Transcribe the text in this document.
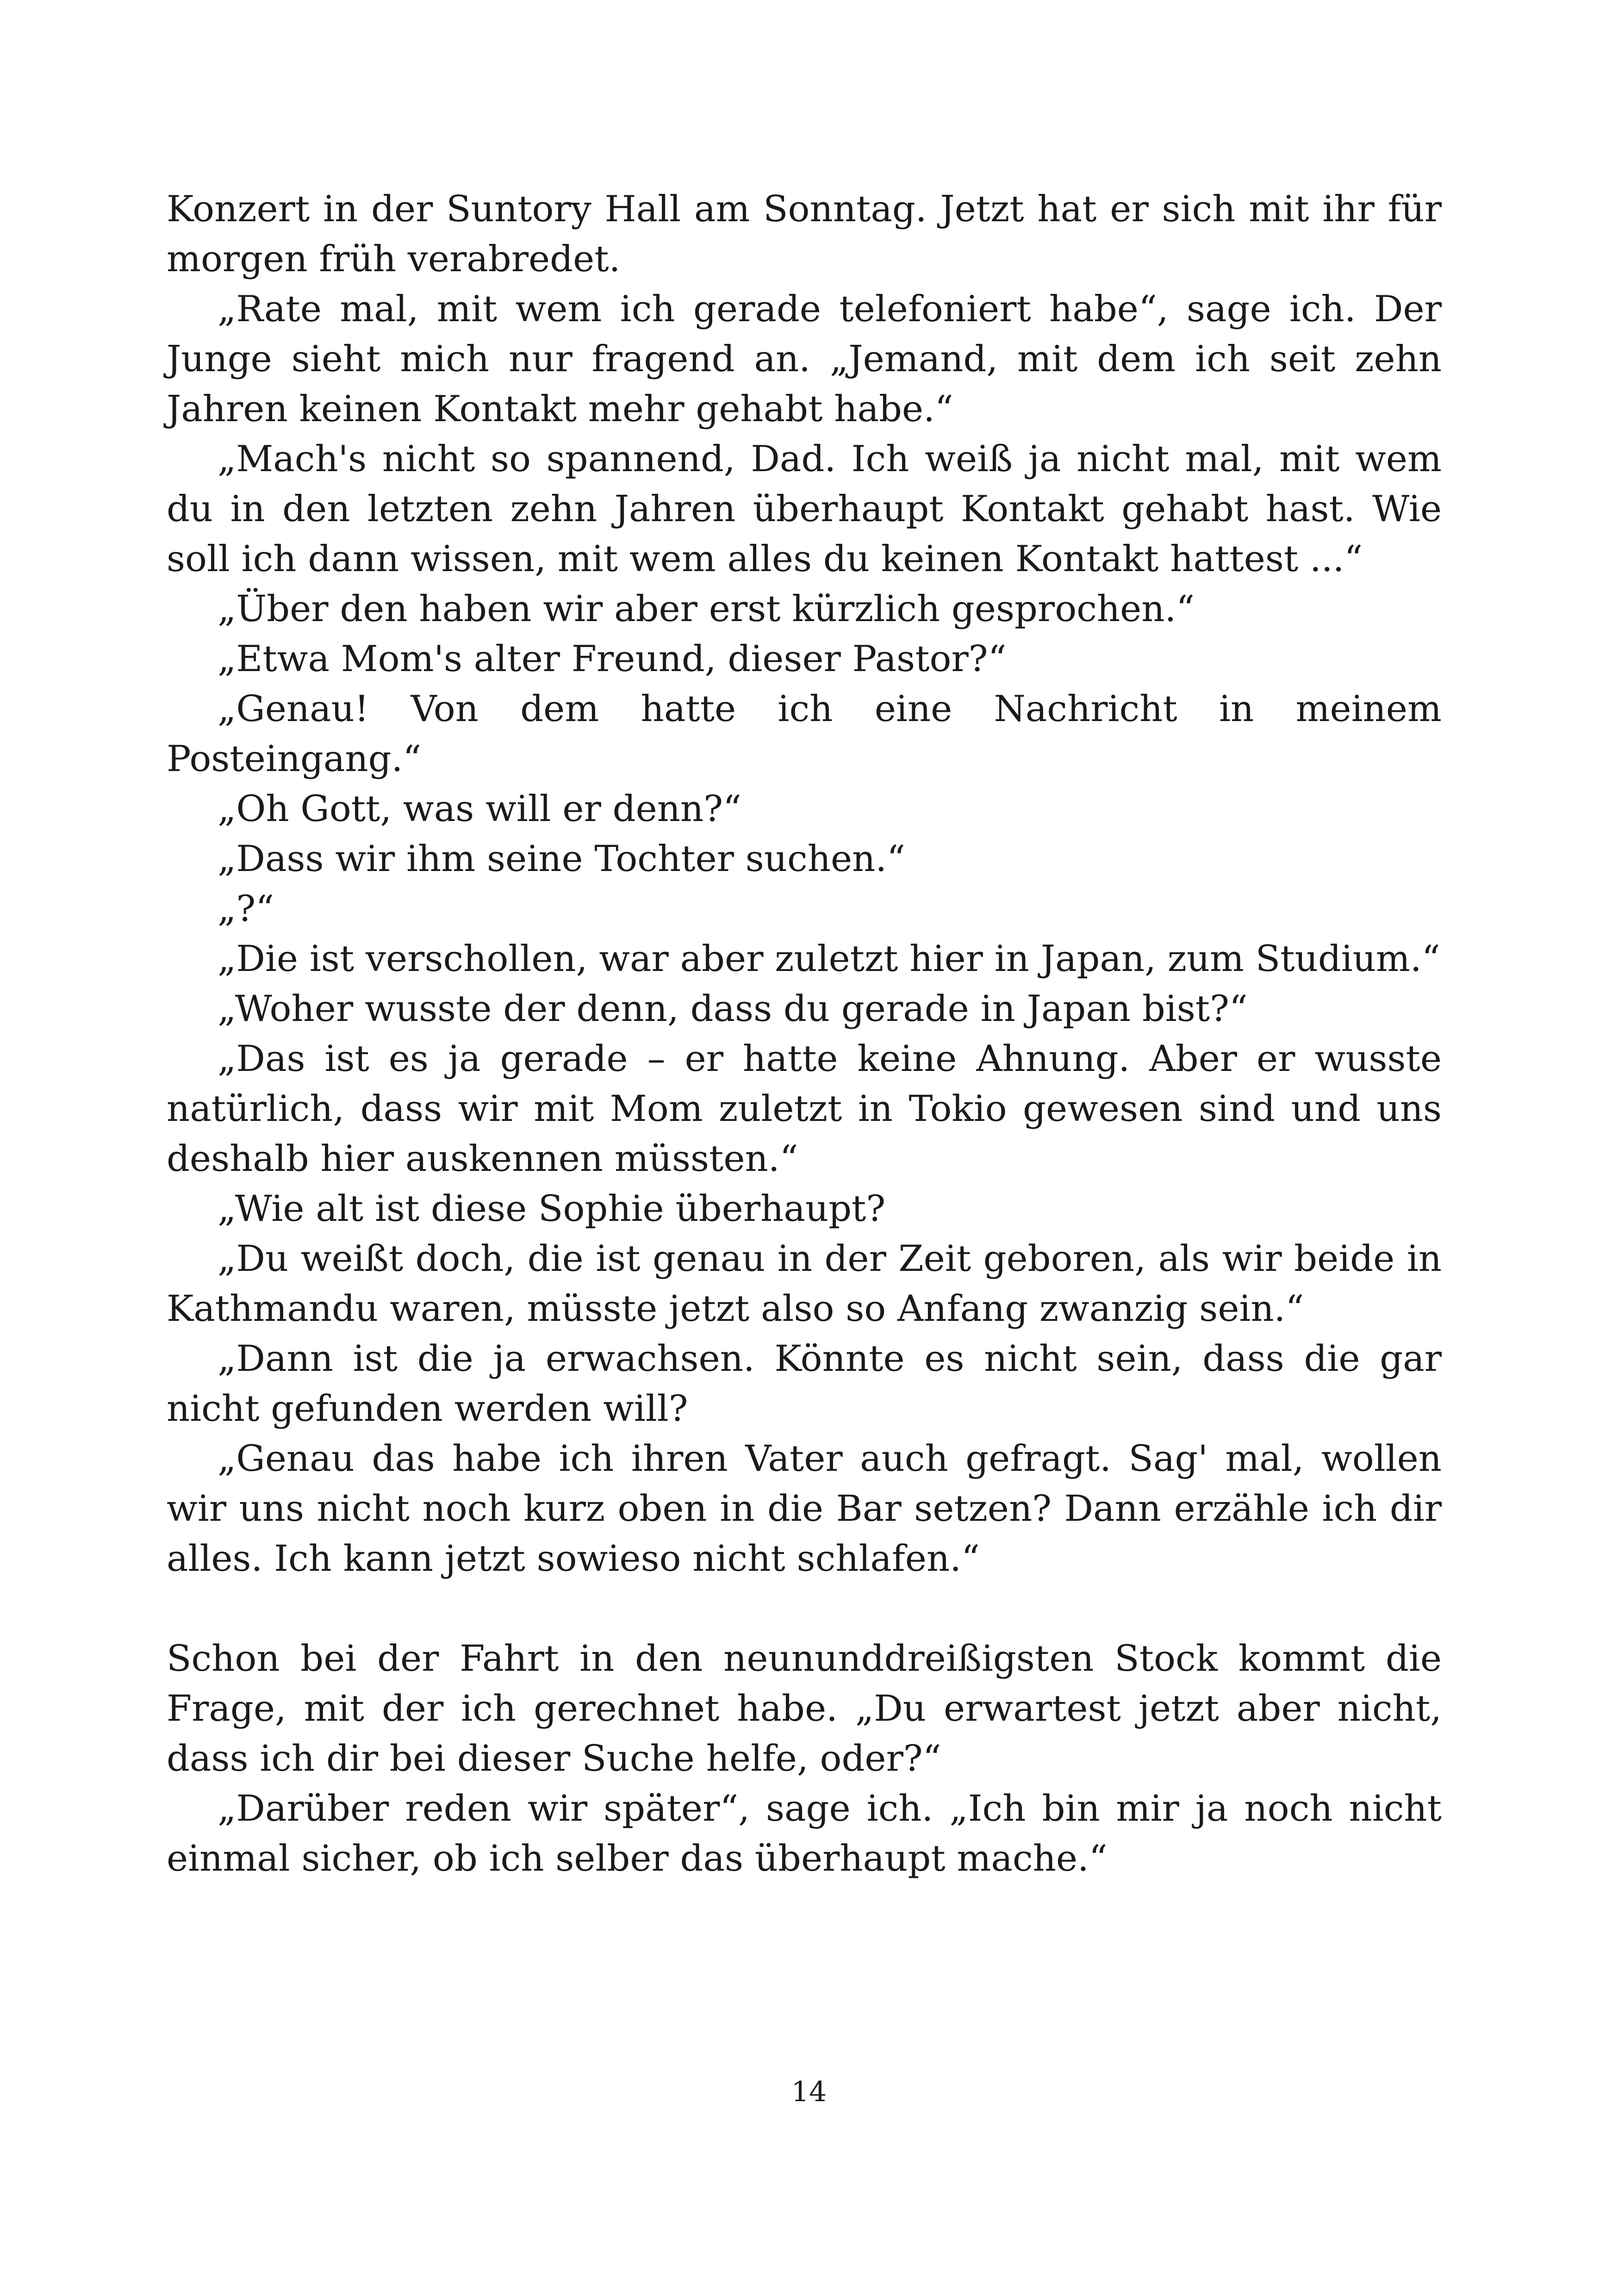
Konzert in der Suntory Hall am Sonntag. Jetzt hat er sich mit ihr für morgen früh verabredet.

„Rate mal, mit wem ich gerade telefoniert habe“, sage ich. Der Junge sieht mich nur fragend an. „Jemand, mit dem ich seit zehn Jahren keinen Kontakt mehr gehabt habe.“

„Mach's nicht so spannend, Dad. Ich weiß ja nicht mal, mit wem du in den letzten zehn Jahren überhaupt Kontakt gehabt hast. Wie soll ich dann wissen, mit wem alles du keinen Kontakt hattest ...“

„Über den haben wir aber erst kürzlich gesprochen.“

„Etwa Mom's alter Freund, dieser Pastor?“

„Genau! Von dem hatte ich eine Nachricht in meinem Posteingang.“

„Oh Gott, was will er denn?“

„Dass wir ihm seine Tochter suchen.“

„?“

„Die ist verschollen, war aber zuletzt hier in Japan, zum Studium.“

„Woher wusste der denn, dass du gerade in Japan bist?“

„Das ist es ja gerade – er hatte keine Ahnung. Aber er wusste natürlich, dass wir mit Mom zuletzt in Tokio gewesen sind und uns deshalb hier auskennen müssten.“

„Wie alt ist diese Sophie überhaupt?

„Du weißt doch, die ist genau in der Zeit geboren, als wir beide in Kathmandu waren, müsste jetzt also so Anfang zwanzig sein.“

„Dann ist die ja erwachsen. Könnte es nicht sein, dass die gar nicht gefunden werden will?

„Genau das habe ich ihren Vater auch gefragt. Sag' mal, wollen wir uns nicht noch kurz oben in die Bar setzen? Dann erzähle ich dir alles. Ich kann jetzt sowieso nicht schlafen.“

Schon bei der Fahrt in den neununddreißigsten Stock kommt die Frage, mit der ich gerechnet habe. „Du erwartest jetzt aber nicht, dass ich dir bei dieser Suche helfe, oder?“

„Darüber reden wir später“, sage ich. „Ich bin mir ja noch nicht einmal sicher, ob ich selber das überhaupt mache.“

14
